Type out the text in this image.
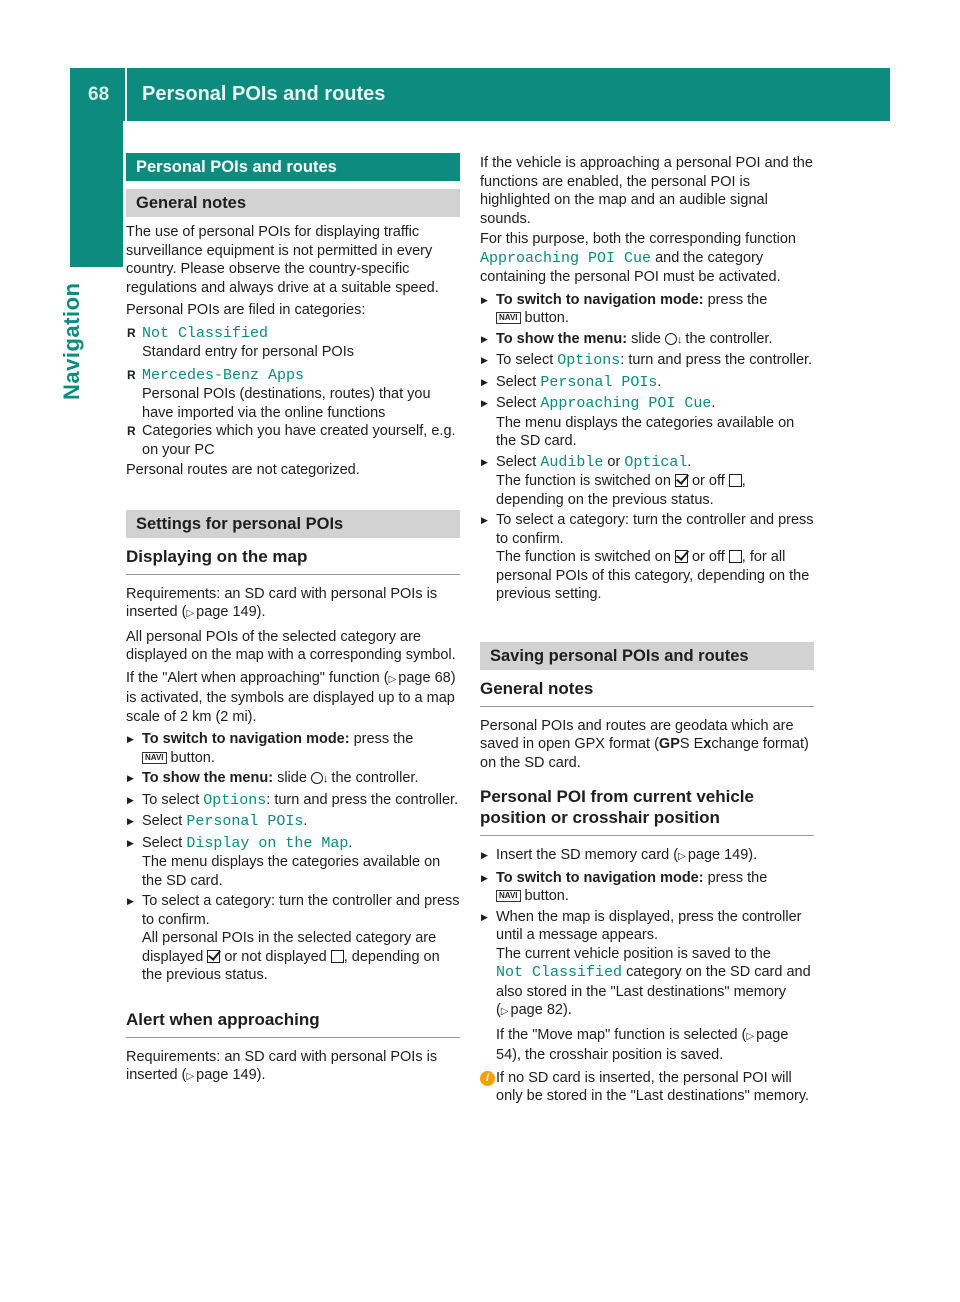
68 Personal POIs and routes
Navigation
Personal POIs and routes
General notes

The use of personal POIs for displaying traffic surveillance equipment is not permitted in every country. Please observe the country-specific regulations and always drive at a suitable speed.

Personal POIs are filed in categories:

R Not Classified

Standard entry for personal POIs

R Mercedes-Benz Apps

Personal POIs (destinations, routes) that you have imported via the online functions

R Categories which you have created yourself, e.g. on your PC

Personal routes are not categorized.

Settings for personal POIs
Displaying on the map

Requirements: an SD card with personal POIs is inserted ( ▷ page 149).

All personal POIs of the selected category are displayed on the map with a corresponding symbol.

If the "Alert when approaching" function ( ▷ page 68) is activated, the symbols are displayed up to a map scale of 2 km (2 mi).

▶ To switch to navigation mode: press the
NAVI button.
▶ To show the menu: slide ↓ the controller.
▶ To select Options: turn and press the controller.
▶ Select Personal POIs.
▶ Select Display on the Map.
The menu displays the categories available on the SD card.
▶ To select a category: turn the controller and press to confirm.
All personal POIs in the selected category are displayed or not displayed , depending on the previous status.
Alert when approaching

Requirements: an SD card with personal POIs is inserted ( ▷ page 149).

If the vehicle is approaching a personal POI and the functions are enabled, the personal POI is highlighted on the map and an audible signal sounds.

For this purpose, both the corresponding function Approaching POI Cue and the category containing the personal POI must be activated.

▶ To switch to navigation mode: press the
NAVI button.
▶ To show the menu: slide ↓ the controller.
▶ To select Options: turn and press the controller.
▶ Select Personal POIs.
▶ Select Approaching POI Cue.
The menu displays the categories available on the SD card.
▶ Select Audible or Optical.
The function is switched on or off , depending on the previous status.
▶ To select a category: turn the controller and press to confirm.
The function is switched on or off , for all personal POIs of this category, depending on the previous setting.
Saving personal POIs and routes
General notes

Personal POIs and routes are geodata which are saved in open GPX format (GPS Exchange format) on the SD card.

Personal POI from current vehicle position or crosshair position
▶ Insert the SD memory card ( ▷ page 149).
▶ To switch to navigation mode: press the
NAVI button.
▶ When the map is displayed, press the controller until a message appears.
The current vehicle position is saved to the
Not Classified category on the SD card and also stored in the "Last destinations" memory ( ▷ page 82).

If the "Move map" function is selected ( ▷ page 54), the crosshair position is saved.

i If no SD card is inserted, the personal POI will only be stored in the "Last destinations" memory.
